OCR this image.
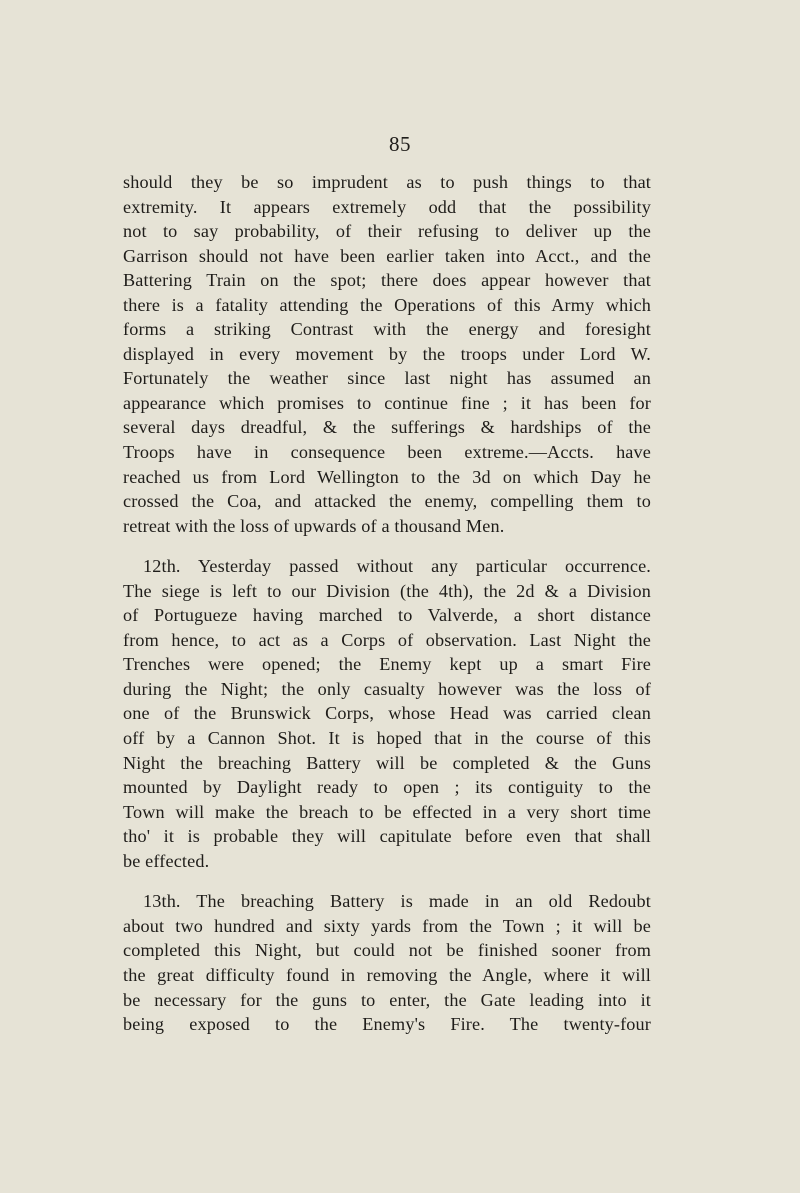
85
should they be so imprudent as to push things to that
extremity. It appears extremely odd that the possibility
not to say probability, of their refusing to deliver up the
Garrison should not have been earlier taken into Acct., and the
Battering Train on the spot; there does appear however that
there is a fatality attending the Operations of this Army which
forms a striking Contrast with the energy and foresight
displayed in every movement by the troops under Lord W.
Fortunately the weather since last night has assumed an
appearance which promises to continue fine ; it has been for
several days dreadful, & the sufferings & hardships of the
Troops have in consequence been extreme.—Accts. have
reached us from Lord Wellington to the 3d on which Day he
crossed the Coa, and attacked the enemy, compelling them to
retreat with the loss of upwards of a thousand Men.
12th. Yesterday passed without any particular occurrence.
The siege is left to our Division (the 4th), the 2d & a Division
of Portugueze having marched to Valverde, a short distance
from hence, to act as a Corps of observation. Last Night the
Trenches were opened; the Enemy kept up a smart Fire
during the Night; the only casualty however was the loss of
one of the Brunswick Corps, whose Head was carried clean
off by a Cannon Shot. It is hoped that in the course of this
Night the breaching Battery will be completed & the Guns
mounted by Daylight ready to open ; its contiguity to the
Town will make the breach to be effected in a very short time
tho' it is probable they will capitulate before even that shall
be effected.
13th. The breaching Battery is made in an old Redoubt
about two hundred and sixty yards from the Town ; it will be
completed this Night, but could not be finished sooner from
the great difficulty found in removing the Angle, where it will
be necessary for the guns to enter, the Gate leading into it
being exposed to the Enemy's Fire. The twenty-four
